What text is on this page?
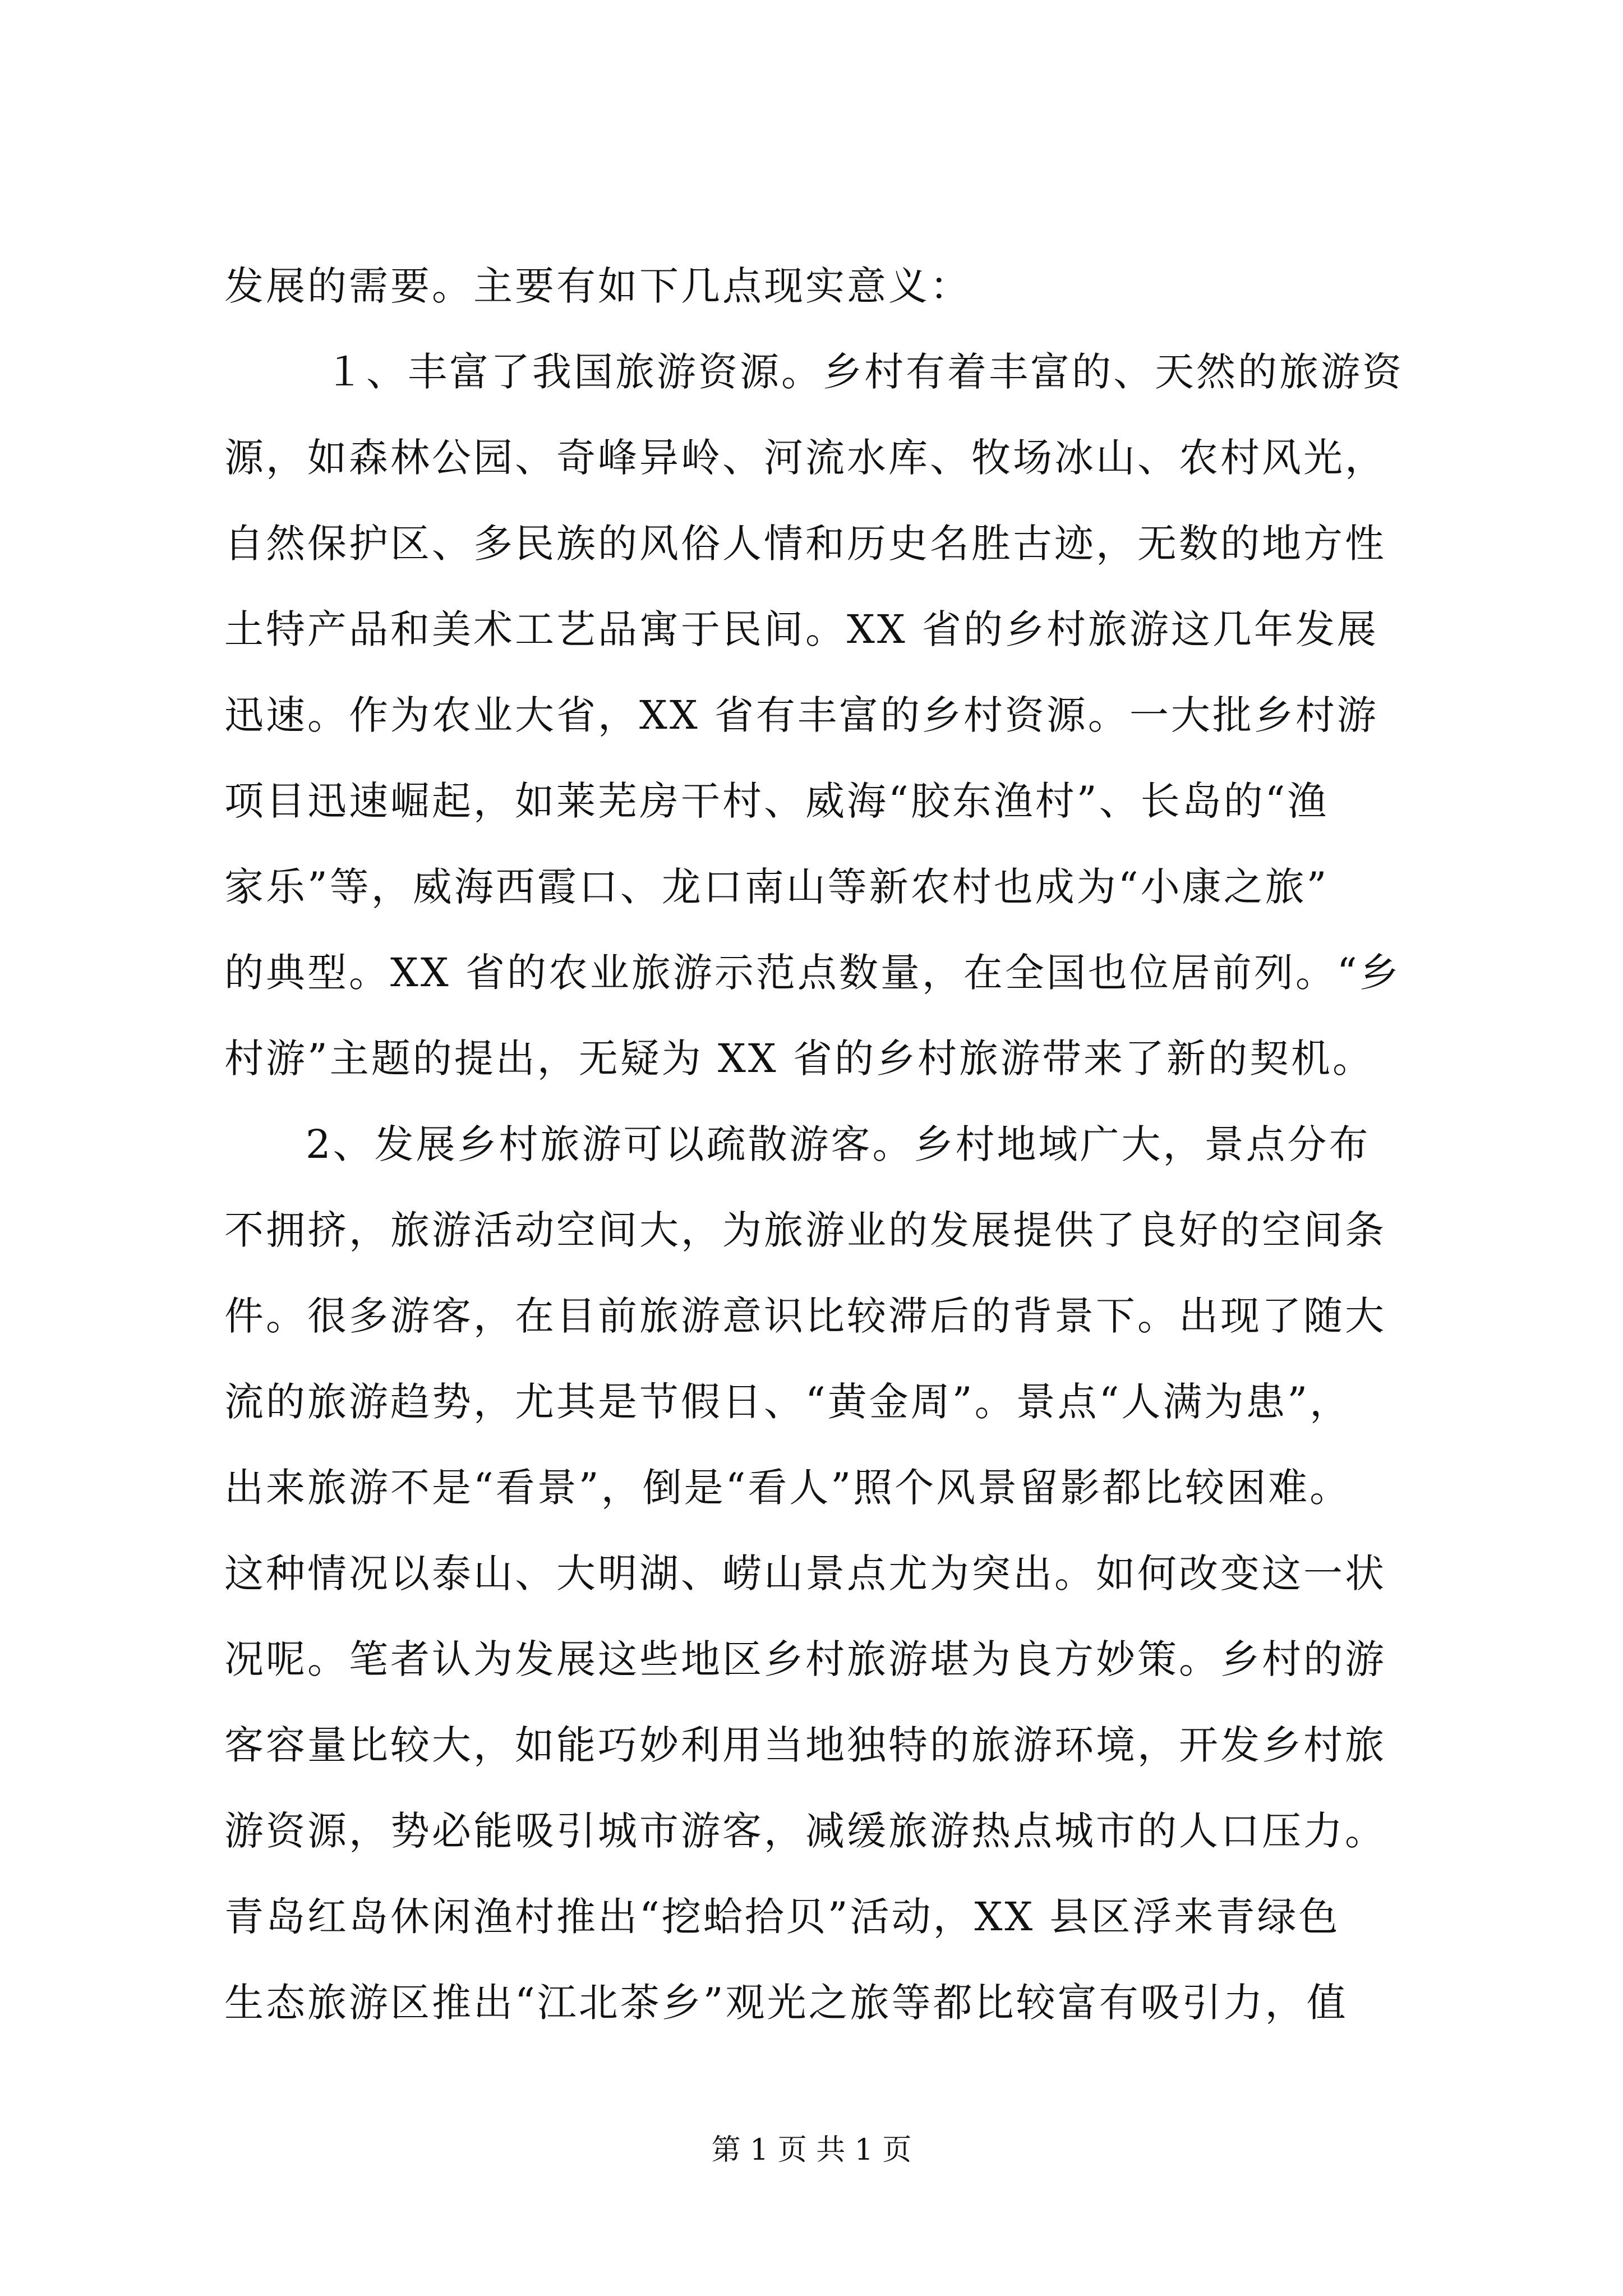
发展的需要。主要有如下几点现实意义：
　１、丰富了我国旅游资源。乡村有着丰富的、天然的旅游资
源，如森林公园、奇峰异岭、河流水库、牧场冰山、农村风光，
自然保护区、多民族的风俗人情和历史名胜古迹，无数的地方性
土特产品和美术工艺品寓于民间。XX 省的乡村旅游这几年发展
迅速。作为农业大省，XX 省有丰富的乡村资源。一大批乡村游
项目迅速崛起，如莱芜房干村、威海“胶东渔村”、长岛的“渔
家乐”等，威海西霞口、龙口南山等新农村也成为“小康之旅”
的典型。XX 省的农业旅游示范点数量，在全国也位居前列。“乡
村游”主题的提出，无疑为 XX 省的乡村旅游带来了新的契机。
2、发展乡村旅游可以疏散游客。乡村地域广大，景点分布
不拥挤，旅游活动空间大，为旅游业的发展提供了良好的空间条
件。很多游客，在目前旅游意识比较滞后的背景下。出现了随大
流的旅游趋势，尤其是节假日、“黄金周”。景点“人满为患”，
出来旅游不是“看景”，倒是“看人”照个风景留影都比较困难。
这种情况以泰山、大明湖、崂山景点尤为突出。如何改变这一状
况呢。笔者认为发展这些地区乡村旅游堪为良方妙策。乡村的游
客容量比较大，如能巧妙利用当地独特的旅游环境，开发乡村旅
游资源，势必能吸引城市游客，减缓旅游热点城市的人口压力。
青岛红岛休闲渔村推出“挖蛤拾贝”活动，XX 县区浮来青绿色
生态旅游区推出“江北茶乡”观光之旅等都比较富有吸引力，值
第 1 页 共 1 页
